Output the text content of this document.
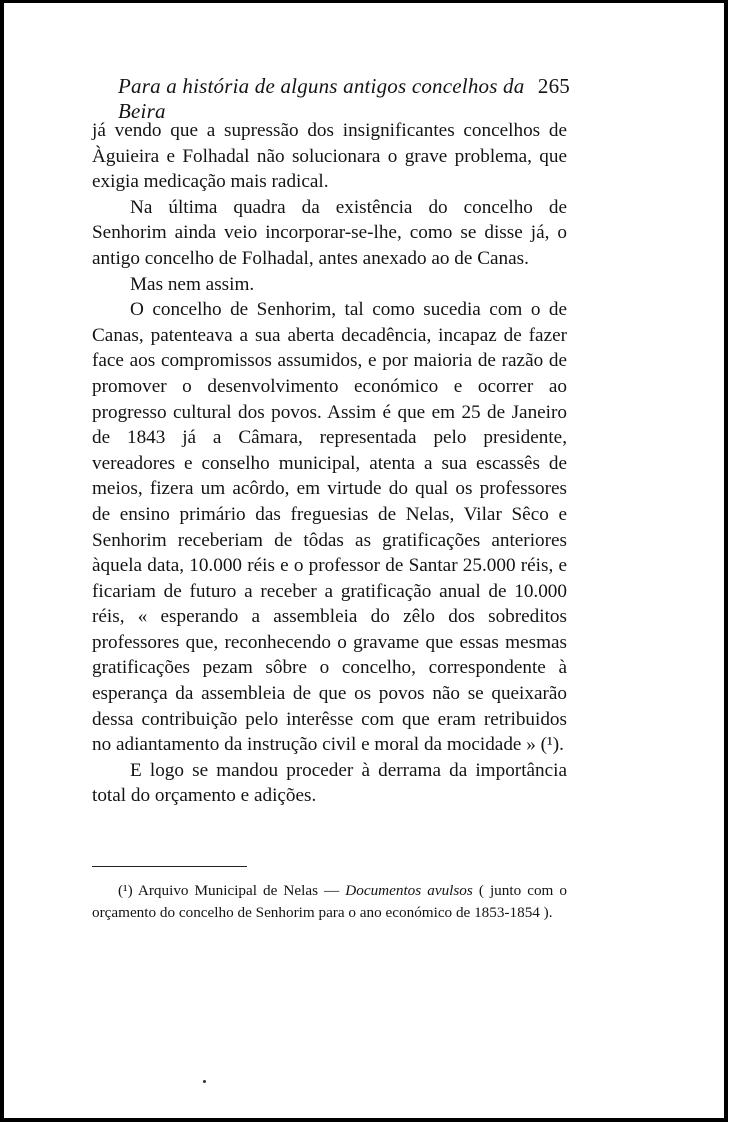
Para a história de alguns antigos concelhos da Beira
265

já vendo que a supressão dos insignificantes concelhos de Àguieira e Folhadal não solucionara o grave problema, que exigia medicação mais radical.

Na última quadra da existência do concelho de Senhorim ainda veio incorporar-se-lhe, como se disse já, o antigo concelho de Folhadal, antes anexado ao de Canas.

Mas nem assim.

O concelho de Senhorim, tal como sucedia com o de Canas, patenteava a sua aberta decadência, incapaz de fazer face aos compromissos assumidos, e por maioria de razão de promover o desenvolvimento económico e ocorrer ao progresso cultural dos povos. Assim é que em 25 de Janeiro de 1843 já a Câmara, representada pelo presidente, vereadores e conselho municipal, atenta a sua escassês de meios, fizera um acôrdo, em virtude do qual os professores de ensino primário das freguesias de Nelas, Vilar Sêco e Senhorim receberiam de tôdas as gratificações anteriores àquela data, 10.000 réis e o professor de Santar 25.000 réis, e ficariam de futuro a receber a gratificação anual de 10.000 réis, « esperando a assembleia do zêlo dos sobreditos professores que, reconhecendo o gravame que essas mesmas gratificações pezam sôbre o concelho, correspondente à esperança da assembleia de que os povos não se queixarão dessa contribuição pelo interêsse com que eram retribuidos no adiantamento da instrução civil e moral da mocidade » (¹).

E logo se mandou proceder à derrama da importância total do orçamento e adições.

(¹) Arquivo Municipal de Nelas — Documentos avulsos ( junto com o orçamento do concelho de Senhorim para o ano económico de 1853-1854 ).
